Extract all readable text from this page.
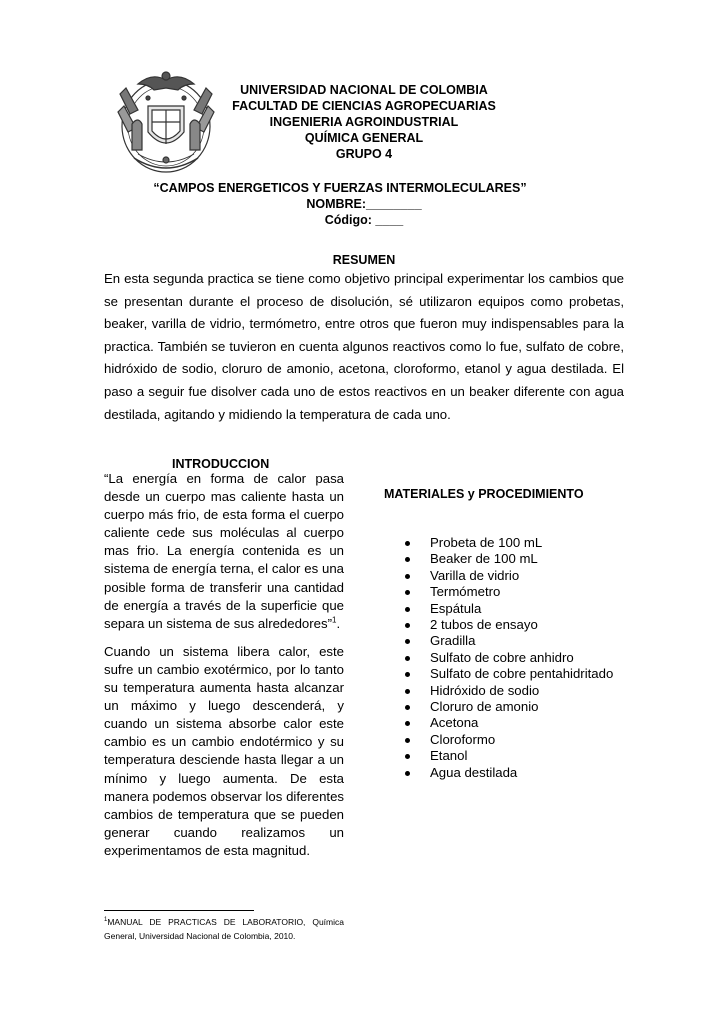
UNIVERSIDAD NACIONAL DE COLOMBIA
FACULTAD DE CIENCIAS AGROPECUARIAS
INGENIERIA AGROINDUSTRIAL
QUÍMICA GENERAL
GRUPO 4
“CAMPOS ENERGETICOS Y FUERZAS INTERMOLECULARES”
NOMBRE:________
Código: ____
RESUMEN

En esta segunda practica se tiene como objetivo principal experimentar los cambios que se presentan durante el proceso de disolución, sé utilizaron equipos como probetas, beaker, varilla de vidrio, termómetro, entre otros que fueron muy indispensables para la practica. También se tuvieron en cuenta algunos reactivos como lo fue, sulfato de cobre, hidróxido de sodio, cloruro de amonio, acetona, cloroformo, etanol y agua destilada. El paso a seguir fue disolver cada uno de estos reactivos en un beaker diferente con agua destilada, agitando y midiendo la temperatura de cada uno.

INTRODUCCION

“La energía en forma de calor pasa desde un cuerpo mas caliente hasta un cuerpo más frio, de esta forma el cuerpo caliente cede sus moléculas al cuerpo mas frio. La energía contenida es un sistema de energía terna, el calor es una posible forma de transferir una cantidad de energía a través de la superficie que separa un sistema de sus alrededores”$^1$.

Cuando un sistema libera calor, este sufre un cambio exotérmico, por lo tanto su temperatura aumenta hasta alcanzar un máximo y luego descenderá, y cuando un sistema absorbe calor este cambio es un cambio endotérmico y su temperatura desciende hasta llegar a un mínimo y luego aumenta. De esta manera podemos observar los diferentes cambios de temperatura que se pueden generar cuando realizamos un experimentamos de esta magnitud.

$^1$MANUAL DE PRACTICAS DE LABORATORIO, Química General, Universidad Nacional de Colombia, 2010.
MATERIALES y PROCEDIMIENTO
Probeta de 100 mL
Beaker de 100 mL
Varilla de vidrio
Termómetro
Espátula
2 tubos de ensayo
Gradilla
Sulfato de cobre anhidro
Sulfato de cobre pentahidritado
Hidróxido de sodio
Cloruro de amonio
Acetona
Cloroformo
Etanol
Agua destilada
